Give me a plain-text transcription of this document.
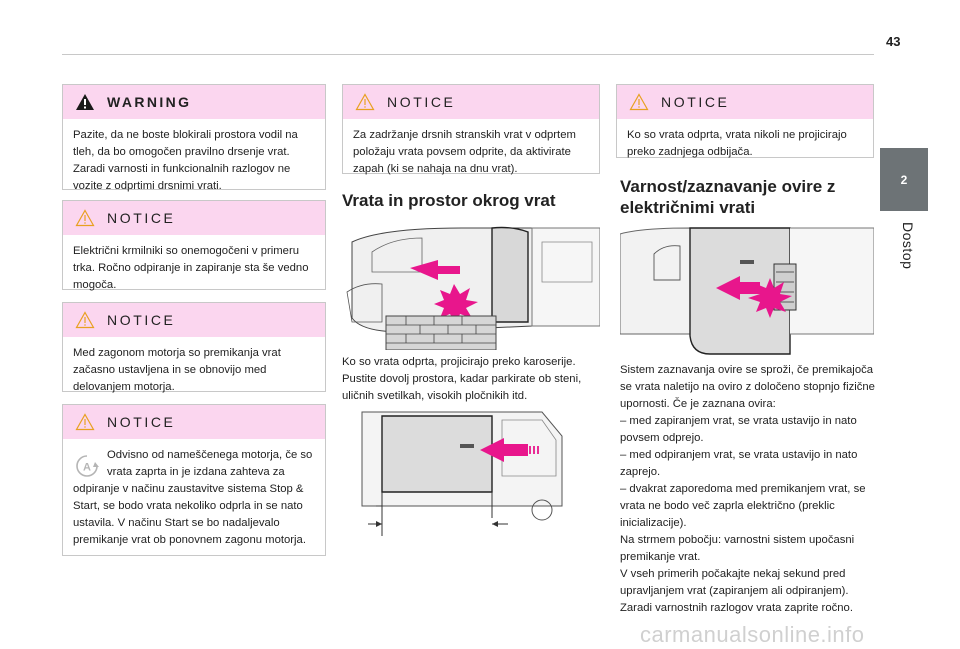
43
2
Dostop
WARNING
Pazite, da ne boste blokirali prostora vodil na tleh, da bo omogočen pravilno drsenje vrat. Zaradi varnosti in funkcionalnih razlogov ne vozite z odprtimi drsnimi vrati.
NOTICE
Električni krmilniki so onemogočeni v primeru trka. Ročno odpiranje in zapiranje sta še vedno mogoča.
NOTICE
Med zagonom motorja so premikanja vrat začasno ustavljena in se obnovijo med delovanjem motorja.
NOTICE
A
Odvisno od nameščenega motorja, če so vrata zaprta in je izdana zahteva za odpiranje v načinu zaustavitve sistema Stop & Start, se bodo vrata nekoliko odprla in se nato ustavila. V načinu Start se bo nadaljevalo premikanje vrat ob ponovnem zagonu motorja.
NOTICE
Za zadržanje drsnih stranskih vrat v odprtem položaju vrata povsem odprite, da aktivirate zapah (ki se nahaja na dnu vrat).
Vrata in prostor okrog vrat
Ko so vrata odprta, projicirajo preko karoserije. Pustite dovolj prostora, kadar parkirate ob steni, uličnih svetilkah, visokih pločnikih itd.
NOTICE
Ko so vrata odprta, vrata nikoli ne projicirajo preko zadnjega odbijača.
Varnost/zaznavanje ovire z električnimi vrati
Sistem zaznavanja ovire se sproži, če premikajoča se vrata naletijo na oviro z določeno stopnjo fizične upornosti. Če je zaznana ovira:
– med zapiranjem vrat, se vrata ustavijo in nato povsem odprejo.
– med odpiranjem vrat, se vrata ustavijo in nato zaprejo.
– dvakrat zaporedoma med premikanjem vrat, se vrata ne bodo več zaprla električno (preklic inicializacije).
Na strmem pobočju: varnostni sistem upočasni premikanje vrat.
V vseh primerih počakajte nekaj sekund pred upravljanjem vrat (zapiranjem ali odpiranjem). Zaradi varnostnih razlogov vrata zaprite ročno.
carmanualsonline.info
